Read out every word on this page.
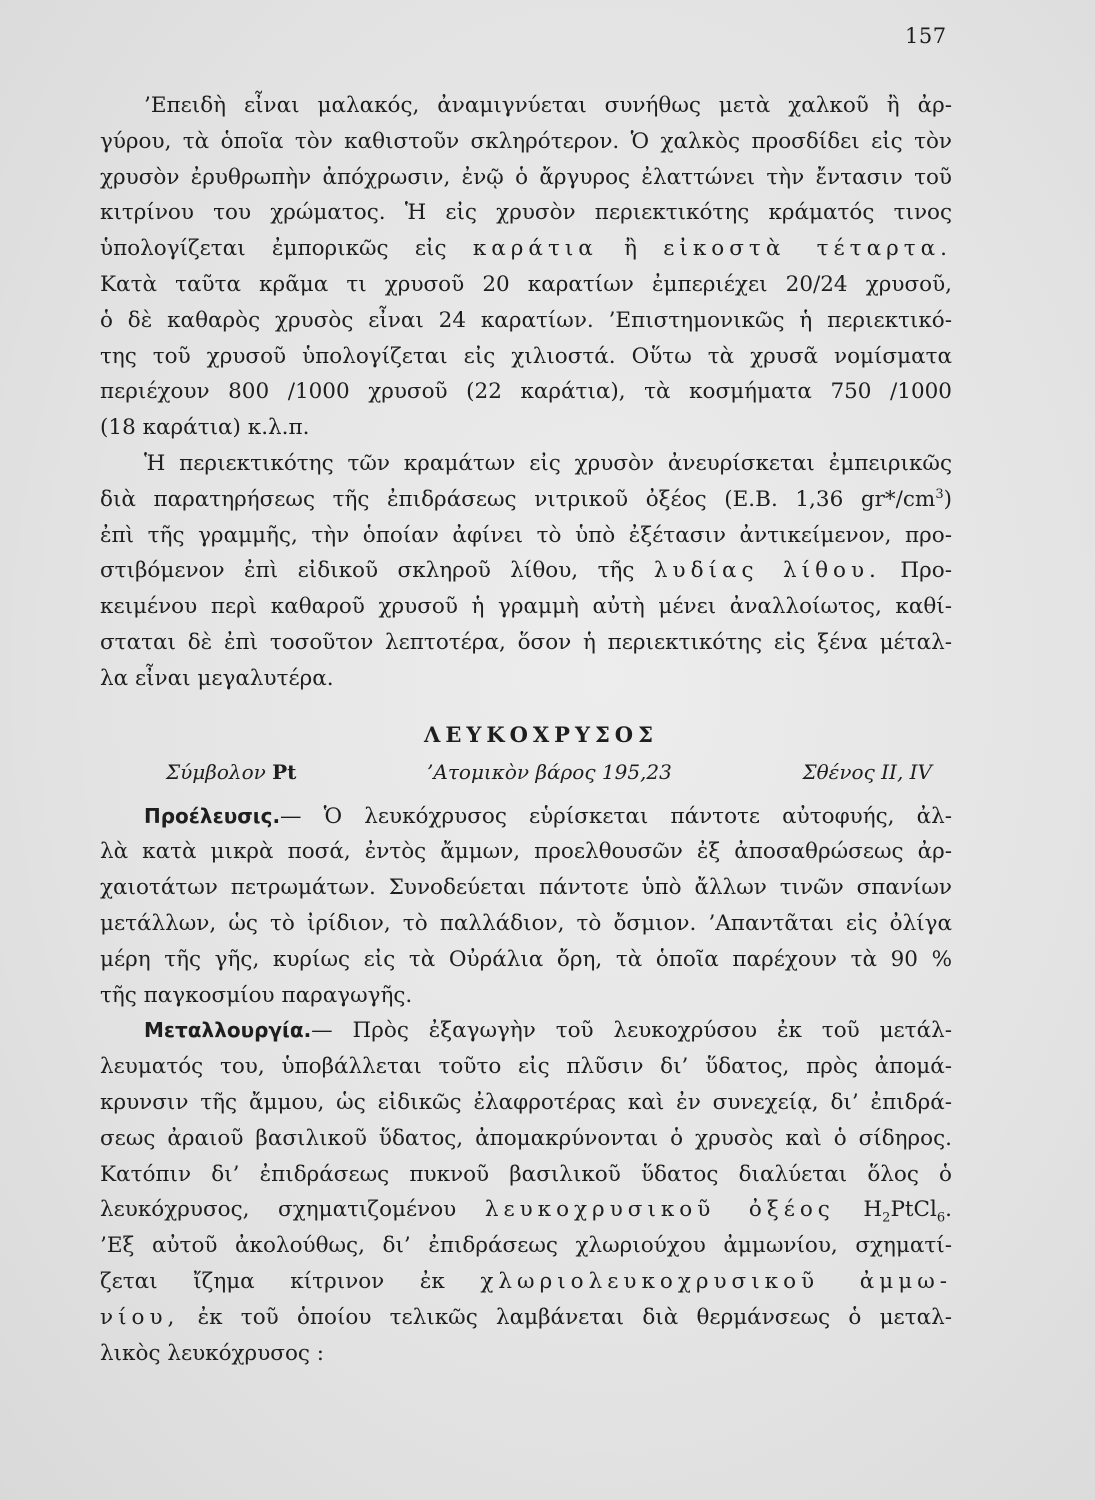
157
’Επειδὴ εἶναι μαλακός, ἀναμιγνύεται συνήθως μετὰ χαλκοῦ ἢ ἀρ-
γύρου, τὰ ὁποῖα τὸν καθιστοῦν σκληρότερον. Ὁ χαλκὸς προσδίδει εἰς τὸν
χρυσὸν ἐρυθρωπὴν ἀπόχρωσιν, ἐνῷ ὁ ἄργυρος ἐλαττώνει τὴν ἔντασιν τοῦ
κιτρίνου του χρώματος. Ἡ εἰς χρυσὸν περιεκτικότης κράματός τινος
ὑπολογίζεται ἐμπορικῶς εἰς καράτια ἢ εἰκοστὰ τέταρτα.
Κατὰ ταῦτα κρᾶμα τι χρυσοῦ 20 καρατίων ἐμπεριέχει 20/24 χρυσοῦ,
ὁ δὲ καθαρὸς χρυσὸς εἶναι 24 καρατίων. ’Επιστημονικῶς ἡ περιεκτικό-
της τοῦ χρυσοῦ ὑπολογίζεται εἰς χιλιοστά. Οὕτω τὰ χρυσᾶ νομίσματα
περιέχουν 800 /1000 χρυσοῦ (22 καράτια), τὰ κοσμήματα 750 /1000
(18 καράτια) κ.λ.π.
Ἡ περιεκτικότης τῶν κραμάτων εἰς χρυσὸν ἀνευρίσκεται ἐμπειρικῶς
διὰ παρατηρήσεως τῆς ἐπιδράσεως νιτρικοῦ ὀξέος (Ε.Β. 1,36 $gr*/cm^3$)
ἐπὶ τῆς γραμμῆς, τὴν ὁποίαν ἀφίνει τὸ ὑπὸ ἐξέτασιν ἀντικείμενον, προ-
στιβόμενον ἐπὶ εἰδικοῦ σκληροῦ λίθου, τῆς λυδίας λίθου. Προ-
κειμένου περὶ καθαροῦ χρυσοῦ ἡ γραμμὴ αὐτὴ μένει ἀναλλοίωτος, καθί-
σταται δὲ ἐπὶ τοσοῦτον λεπτοτέρα, ὅσον ἡ περιεκτικότης εἰς ξένα μέταλ-
λα εἶναι μεγαλυτέρα.
ΛΕΥΚΟΧΡΥΣΟΣ
Σύμβολον Pt	’Ατομικὸν βάρος 195,23	Σθένος II, IV
Προέλευσις.— Ὁ λευκόχρυσος εὑρίσκεται πάντοτε αὐτοφυής, ἀλ-
λὰ κατὰ μικρὰ ποσά, ἐντὸς ἄμμων, προελθουσῶν ἐξ ἀποσαθρώσεως ἀρ-
χαιοτάτων πετρωμάτων. Συνοδεύεται πάντοτε ὑπὸ ἄλλων τινῶν σπανίων
μετάλλων, ὡς τὸ ἰρίδιον, τὸ παλλάδιον, τὸ ὄσμιον. ’Απαντᾶται εἰς ὀλίγα
μέρη τῆς γῆς, κυρίως εἰς τὰ Οὐράλια ὄρη, τὰ ὁποῖα παρέχουν τὰ 90 %
τῆς παγκοσμίου παραγωγῆς.
Μεταλλουργία.— Πρὸς ἐξαγωγὴν τοῦ λευκοχρύσου ἐκ τοῦ μετάλ-
λευματός του, ὑποβάλλεται τοῦτο εἰς πλῦσιν δι’ ὕδατος, πρὸς ἀπομά-
κρυνσιν τῆς ἄμμου, ὡς εἰδικῶς ἐλαφροτέρας καὶ ἐν συνεχείᾳ, δι’ ἐπιδρά-
σεως ἀραιοῦ βασιλικοῦ ὕδατος, ἀπομακρύνονται ὁ χρυσὸς καὶ ὁ σίδηρος.
Κατόπιν δι’ ἐπιδράσεως πυκνοῦ βασιλικοῦ ὕδατος διαλύεται ὅλος ὁ
λευκόχρυσος, σχηματιζομένου λευκοχρυσικοῦ ὀξέος $H_2PtCl_6$.
’Εξ αὐτοῦ ἀκολούθως, δι’ ἐπιδράσεως χλωριούχου ἀμμωνίου, σχηματί-
ζεται ἴζημα κίτρινον ἐκ χλωριολευκοχρυσικοῦ ἀμμω-
νίου, ἐκ τοῦ ὁποίου τελικῶς λαμβάνεται διὰ θερμάνσεως ὁ μεταλ-
λικὸς λευκόχρυσος :
